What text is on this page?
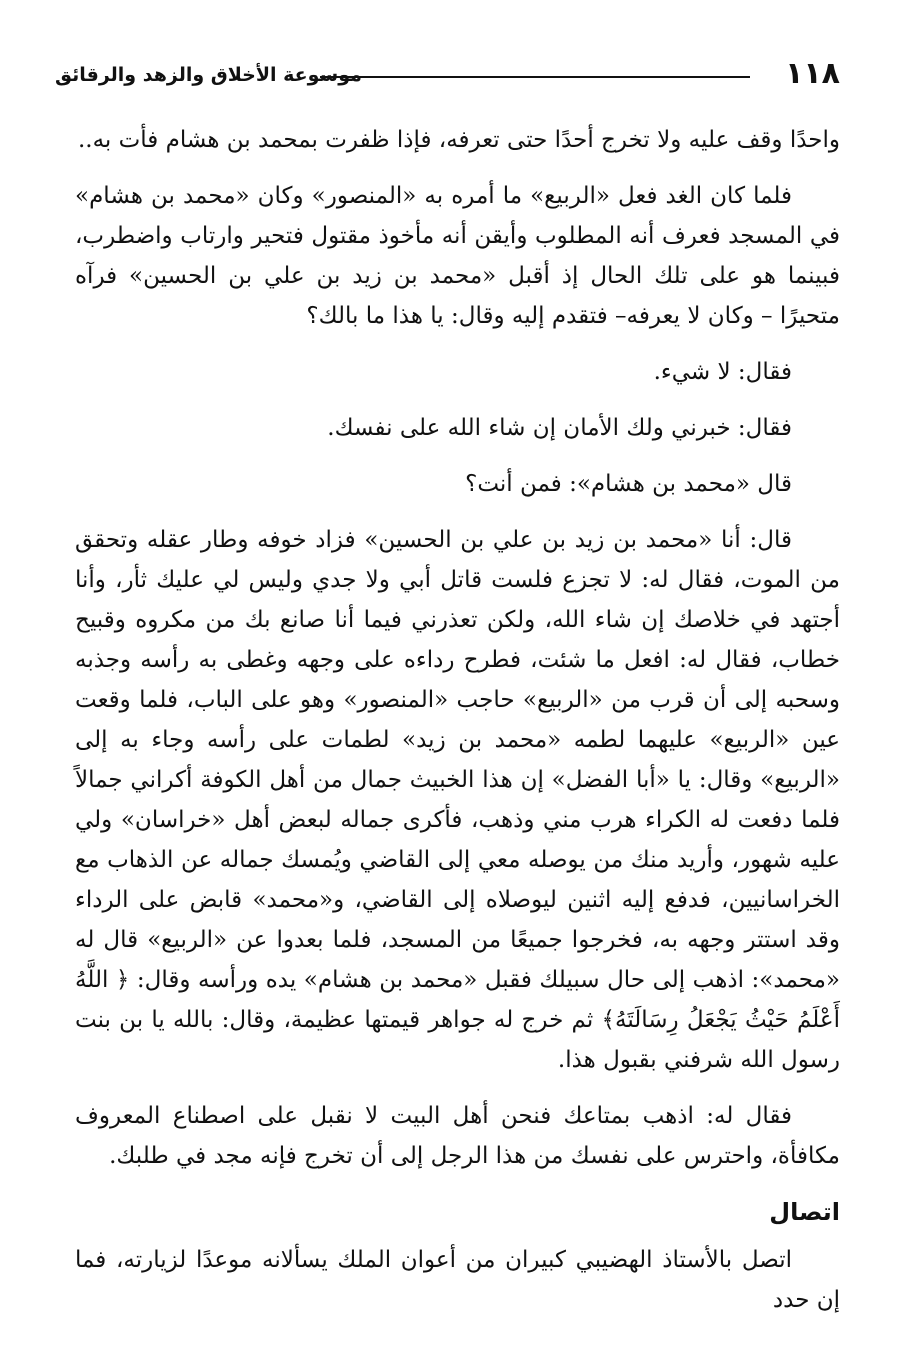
١١٨
موسوعة الأخلاق والزهد والرقائق

واحدًا وقف عليه ولا تخرج أحدًا حتى تعرفه، فإذا ظفرت بمحمد بن هشام فأت به..

فلما كان الغد فعل «الربيع» ما أمره به «المنصور» وكان «محمد بن هشام» في المسجد فعرف أنه المطلوب وأيقن أنه مأخوذ مقتول فتحير وارتاب واضطرب، فبينما هو على تلك الحال إذ أقبل «محمد بن زيد بن علي بن الحسين» فرآه متحيرًا – وكان لا يعرفه– فتقدم إليه وقال: يا هذا ما بالك؟

فقال: لا شيء.

فقال: خبرني ولك الأمان إن شاء الله على نفسك.

قال «محمد بن هشام»: فمن أنت؟

قال: أنا «محمد بن زيد بن علي بن الحسين» فزاد خوفه وطار عقله وتحقق من الموت، فقال له: لا تجزع فلست قاتل أبي ولا جدي وليس لي عليك ثأر، وأنا أجتهد في خلاصك إن شاء الله، ولكن تعذرني فيما أنا صانع بك من مكروه وقبيح خطاب، فقال له: افعل ما شئت، فطرح رداءه على وجهه وغطى به رأسه وجذبه وسحبه إلى أن قرب من «الربيع» حاجب «المنصور» وهو على الباب، فلما وقعت عين «الربيع» عليهما لطمه «محمد بن زيد» لطمات على رأسه وجاء به إلى «الربيع» وقال: يا «أبا الفضل» إن هذا الخبيث جمال من أهل الكوفة أكراني جمالاً فلما دفعت له الكراء هرب مني وذهب، فأكرى جماله لبعض أهل «خراسان» ولي عليه شهور، وأريد منك من يوصله معي إلى القاضي ويُمسك جماله عن الذهاب مع الخراسانيين، فدفع إليه اثنين ليوصلاه إلى القاضي، و«محمد» قابض على الرداء وقد استتر وجهه به، فخرجوا جميعًا من المسجد، فلما بعدوا عن «الربيع» قال له «محمد»: اذهب إلى حال سبيلك فقبل «محمد بن هشام» يده ورأسه وقال: ﴿ اللَّهُ أَعْلَمُ حَيْثُ يَجْعَلُ رِسَالَتَهُ﴾ ثم خرج له جواهر قيمتها عظيمة، وقال: بالله يا بن بنت رسول الله شرفني بقبول هذا.

فقال له: اذهب بمتاعك فنحن أهل البيت لا نقبل على اصطناع المعروف مكافأة، واحترس على نفسك من هذا الرجل إلى أن تخرج فإنه مجد في طلبك.

اتصال

اتصل بالأستاذ الهضيبي كبيران من أعوان الملك يسألانه موعدًا لزيارته، فما إن حدد
